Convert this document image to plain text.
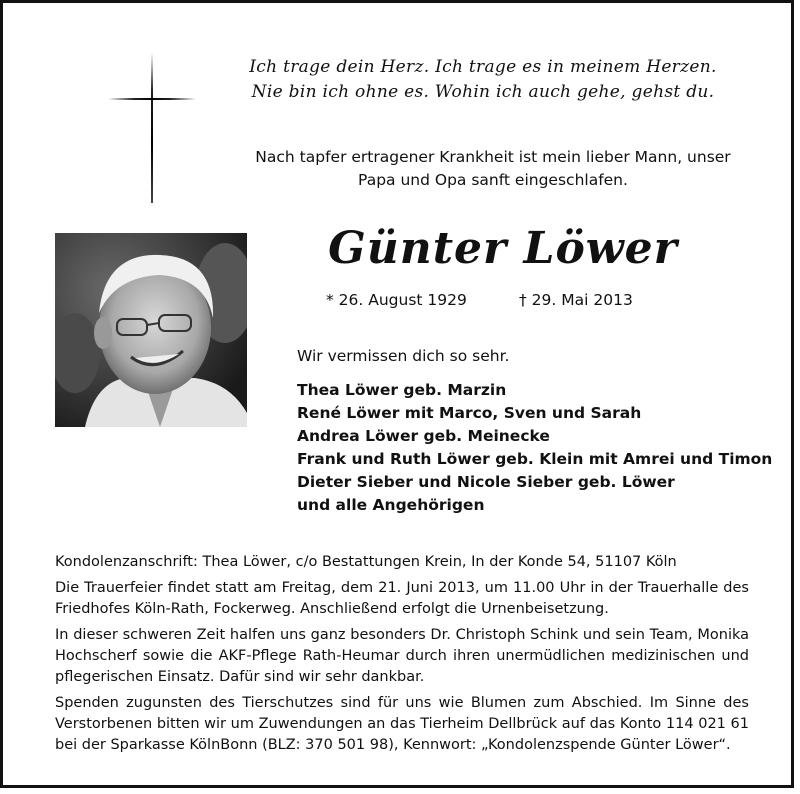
Ich trage dein Herz. Ich trage es in meinem Herzen.
Nie bin ich ohne es. Wohin ich auch gehe, gehst du.
Nach tapfer ertragener Krankheit ist mein lieber Mann, unser
Papa und Opa sanft eingeschlafen.
Günter Löwer
* 26. August 1929	† 29. Mai 2013
Wir vermissen dich so sehr.
Thea Löwer geb. Marzin
René Löwer mit Marco, Sven und Sarah
Andrea Löwer geb. Meinecke
Frank und Ruth Löwer geb. Klein mit Amrei und Timon
Dieter Sieber und Nicole Sieber geb. Löwer
und alle Angehörigen

Kondolenzanschrift: Thea Löwer, c/o Bestattungen Krein, In der Konde 54, 51107 Köln

Die Trauerfeier findet statt am Freitag, dem 21. Juni 2013, um 11.00 Uhr in der Trauerhalle des Friedhofes Köln-Rath, Fockerweg. Anschließend erfolgt die Urnenbeisetzung.

In dieser schweren Zeit halfen uns ganz besonders Dr. Christoph Schink und sein Team, Monika Hochscherf sowie die AKF-Pflege Rath-Heumar durch ihren unermüdlichen medizinischen und pflegerischen Einsatz. Dafür sind wir sehr dankbar.

Spenden zugunsten des Tierschutzes sind für uns wie Blumen zum Abschied. Im Sinne des Verstorbenen bitten wir um Zuwendungen an das Tierheim Dellbrück auf das Konto 114 021 61 bei der Sparkasse KölnBonn (BLZ: 370 501 98), Kennwort: „Kondolenzspende Günter Löwer“.
